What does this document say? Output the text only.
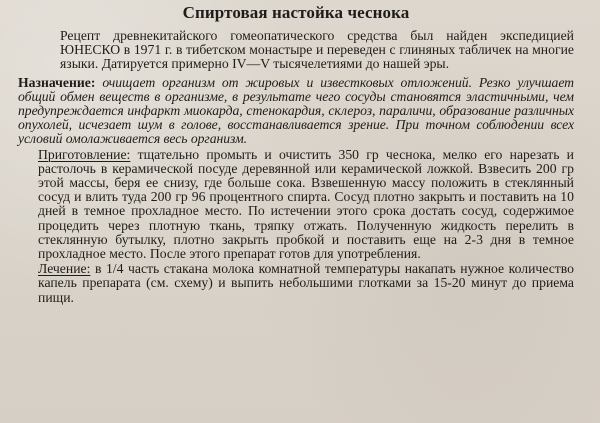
Спиртовая настойка чеснока

Рецепт древнекитайского гомеопатического средства был найден экспедицией ЮНЕСКО в 1971 г. в тибетском монастыре и переведен с глиняных табличек на многие языки. Датируется примерно IV—V тысячелетиями до нашей эры.

Назначение: очищает организм от жировых и известковых отложений. Резко улучшает общий обмен веществ в организме, в результате чего сосуды становятся эластичными, чем предупреждается инфаркт миокарда, стенокардия, склероз, параличи, образование различных опухолей, исчезает шум в голове, восстанавливается зрение. При точном соблюдении всех условий омолаживается весь организм.

Приготовление: тщательно промыть и очистить 350 гр чеснока, мелко его нарезать и растолочь в керамической посуде деревянной или керамической ложкой. Взвесить 200 гр этой массы, беря ее снизу, где больше сока. Взвешенную массу положить в стеклянный сосуд и влить туда 200 гр 96 процентного спирта. Сосуд плотно закрыть и поставить на 10 дней в темное прохладное место. По истечении этого срока достать сосуд, содержимое процедить через плотную ткань, тряпку отжать. Полученную жидкость перелить в стеклянную бутылку, плотно закрыть пробкой и поставить еще на 2-3 дня в темное прохладное место. После этого препарат готов для употребления.

Лечение: в 1/4 часть стакана молока комнатной температуры накапать нужное количество капель препарата (см. схему) и выпить небольшими глотками за 15-20 минут до приема пищи.
